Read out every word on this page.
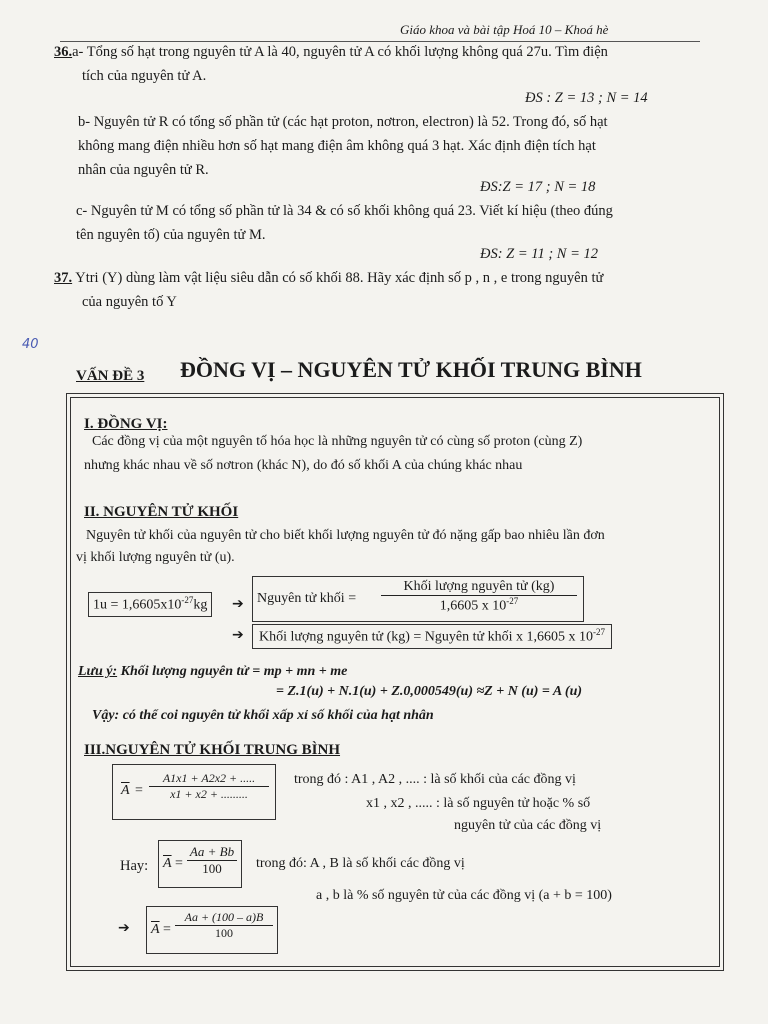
Giáo khoa và bài tập Hoá 10 – Khoá hè
36.a- Tổng số hạt trong nguyên tử A là 40, nguyên tử A có khối lượng không quá 27u. Tìm điện
tích của nguyên tử A.
ĐS : Z = 13 ; N = 14
b- Nguyên tử R có tổng số phần tử (các hạt proton, nơtron, electron) là 52. Trong đó, số hạt
không mang điện nhiều hơn số hạt mang điện âm không quá 3 hạt. Xác định điện tích hạt
nhân của nguyên tử R.
ĐS:Z = 17 ; N = 18
c- Nguyên tử M có tổng số phần tử là 34 & có số khối không quá 23. Viết kí hiệu (theo đúng
tên nguyên tố) của nguyên tử M.
ĐS: Z = 11 ; N = 12
37. Ytri (Y) dùng làm vật liệu siêu dẫn có số khối 88. Hãy xác định số p , n , e trong nguyên tử
của nguyên tố Y
40
VẤN ĐỀ 3 ĐỒNG VỊ – NGUYÊN TỬ KHỐI TRUNG BÌNH
I. ĐỒNG VỊ:
Các đồng vị của một nguyên tố hóa học là những nguyên tử có cùng số proton (cùng Z)
nhưng khác nhau về số nơtron (khác N), do đó số khối A của chúng khác nhau
II. NGUYÊN TỬ KHỐI
Nguyên tử khối của nguyên tử cho biết khối lượng nguyên tử đó nặng gấp bao nhiêu lần đơn
vị khối lượng nguyên tử (u).
$1u = 1,6605x10^{-27}kg$	➔ Nguyên tử khối =
Khối lượng nguyên tử (kg)
1,6605 x $10^{-27}$
➔	Khối lượng nguyên tử (kg) = Nguyên tử khối x 1,6605 x $10^{-27}$
Lưu ý: Khối lượng nguyên tử = mp + mn + me
= Z.1(u) + N.1(u) + Z.0,000549(u) ≈Z + N (u) = A (u)
Vậy: có thể coi nguyên tử khối xấp xỉ số khối của hạt nhân
III.NGUYÊN TỬ KHỐI TRUNG BÌNH
$\overline{A} = \frac{A1x1 + A2x2 + .....}{x1 + x2 + .........}$ trong đó : A1 , A2 , .... : là số khối của các đồng vị
x1 , x2 , ..... : là số nguyên tử hoặc % số
nguyên tử của các đồng vị
Hay: $\overline{A} = \frac{Aa + Bb}{100}$ trong đó: A , B là số khối các đồng vị
a , b là % số nguyên tử của các đồng vị (a + b = 100)
➔ $\overline{A} = \frac{Aa + (100 - a)B}{100}$
